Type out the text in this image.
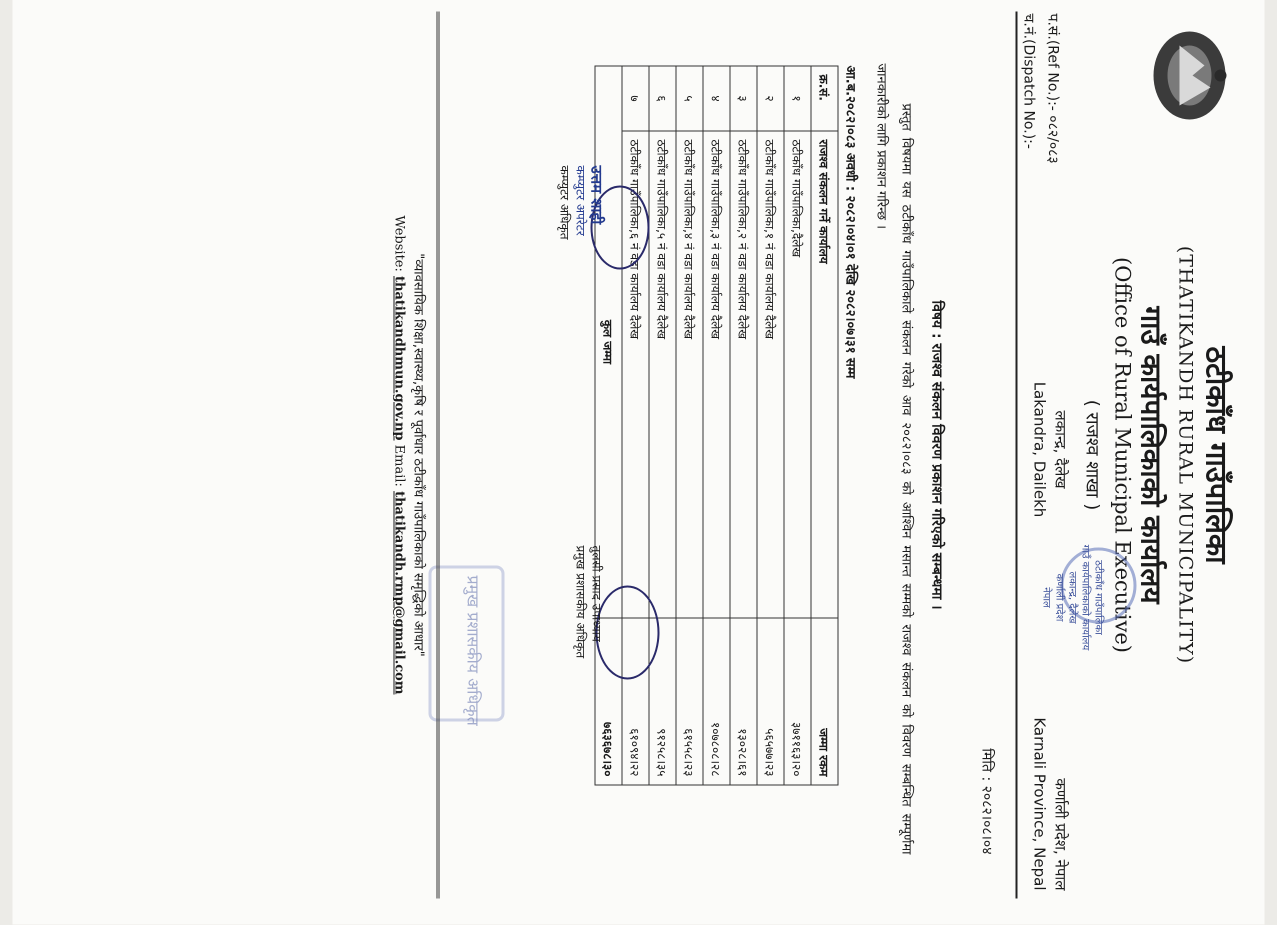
ठटीकाँध गाउँपालिका
(THATIKANDH RURAL MUNICIPALITY)
गाउँ कार्यपालिकाको कार्यालय
(Office of Rural Municipal Executive)
( राजश्व शाखा )
ठटीकाँध गाउँपालिका
गाउँ कार्यपालिकाको कार्यालय
लकान्द्र, दैलेख
कर्णाली प्रदेश
नेपाल
प.सं.(Ref No.):- ०८२/०८३
च.नं.(Dispatch No.):-
लकान्द्र, दैलेख
Lakandra, Dailekh
कर्णाली प्रदेश, नेपाल
Karnali Province, Nepal
मिति : २०८२।०८।०४
विषय : राजश्व संकलन विवरण प्रकाशन गरिएको सम्बन्धमा ।
प्रस्तुत विषयमा यस ठटीकाँध गाउँपालिकाले संकलन गरेको आव २०८२।०८३ को आश्विन मसान्त सम्मको राजश्व संकलन को विवरण सम्बन्धित सम्पूर्णमा जानकारीको लागि प्रकाशन गरिन्छ ।
आ.ब.२०८२।०८३ अवधी : २०८२।०४।०१ देखि २०८२।०७।३१ सम्म
क्र.सं.	राजश्व संकलन गर्ने कार्यालय	जम्मा रकम
१	ठटीकाँध गाउँपालिका,दैलेख	३७११६३।२०
२	ठटीकाँध गाउँपालिका,१ नं वडा कार्यालय दैलेख	५६५७७।२३
३	ठटीकाँध गाउँपालिका,२ नं वडा कार्यालय दैलेख	१३०२८।६१
४	ठटीकाँध गाउँपालिका,३ नं वडा कार्यालय दैलेख	१०७८०८।२८
५	ठटीकाँध गाउँपालिका,४ नं वडा कार्यालय दैलेख	६१५५८।२३
६	ठटीकाँध गाउँपालिका,५ नं वडा कार्यालय दैलेख	९१२५८।३५
७	ठटीकाँध गाउँपालिका,६ नं वडा कार्यालय दैलेख	६१०९४।२२
कुल जम्मा		७६३६७८।३०
उत्तम शाही
कम्प्युटर अपरेटर
कम्प्युटर अधिकृत
तुलसी प्रसाद उपाध्याय
प्रमुख प्रशासकीय अधिकृत
प्रमुख प्रशासकीय अधिकृत
"व्यावसायिक शिक्षा,स्वास्थ्य,कृषि र पूर्वाधार ठटीकाँध गाउँपालिकाको समृद्धिको आधार"
Website: thatikandhmun.gov.np Email: thatikandh.rmp@gmail.com
